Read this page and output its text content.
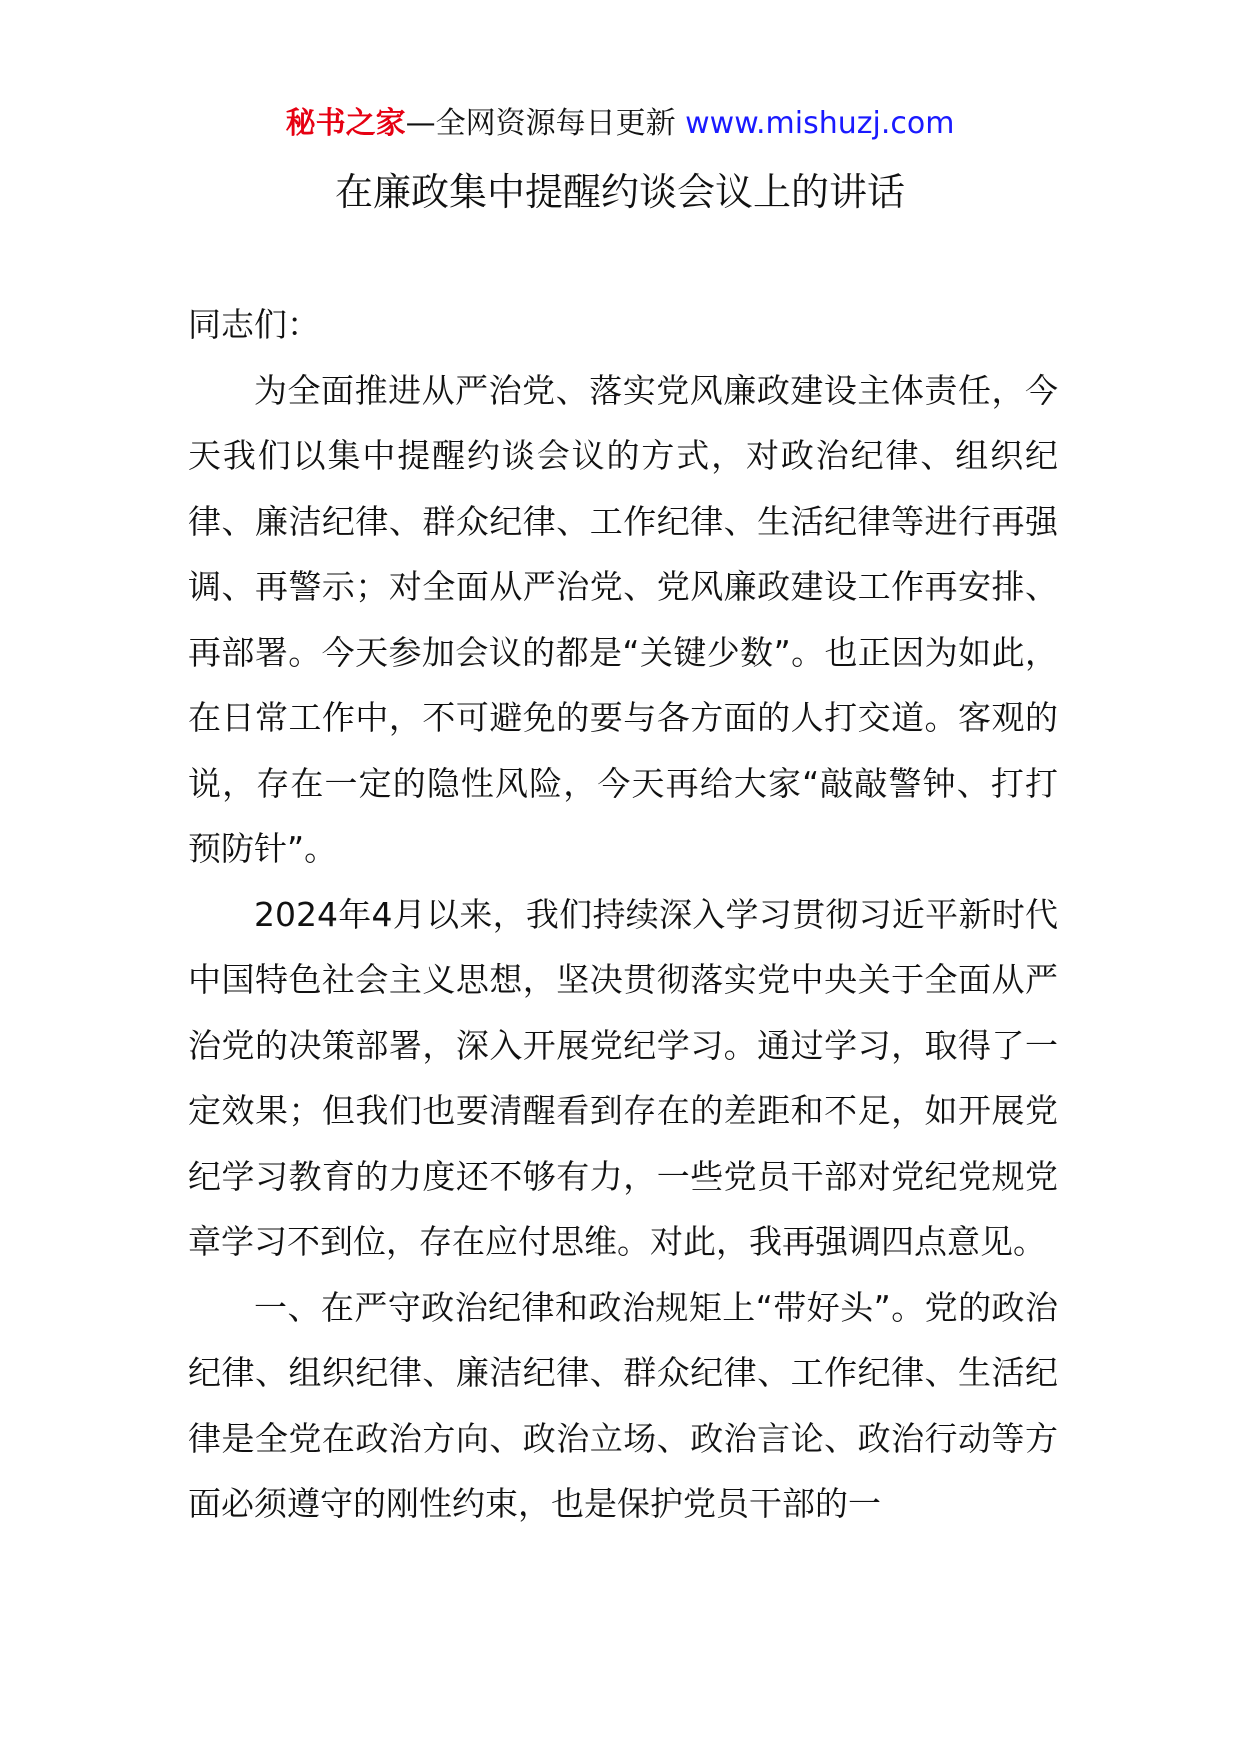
秘书之家—全网资源每日更新 www.mishuzj.com
在廉政集中提醒约谈会议上的讲话

同志们：

为全面推进从严治党、落实党风廉政建设主体责任，今天我们以集中提醒约谈会议的方式，对政治纪律、组织纪律、廉洁纪律、群众纪律、工作纪律、生活纪律等进行再强调、再警示；对全面从严治党、党风廉政建设工作再安排、再部署。今天参加会议的都是“关键少数”。也正因为如此，在日常工作中，不可避免的要与各方面的人打交道。客观的说，存在一定的隐性风险，今天再给大家“敲敲警钟、打打预防针”。

2024年4月以来，我们持续深入学习贯彻习近平新时代中国特色社会主义思想，坚决贯彻落实党中央关于全面从严治党的决策部署，深入开展党纪学习。通过学习，取得了一定效果；但我们也要清醒看到存在的差距和不足，如开展党纪学习教育的力度还不够有力，一些党员干部对党纪党规党章学习不到位，存在应付思维。对此，我再强调四点意见。

一、在严守政治纪律和政治规矩上“带好头”。党的政治纪律、组织纪律、廉洁纪律、群众纪律、工作纪律、生活纪律是全党在政治方向、政治立场、政治言论、政治行动等方面必须遵守的刚性约束，也是保护党员干部的一
